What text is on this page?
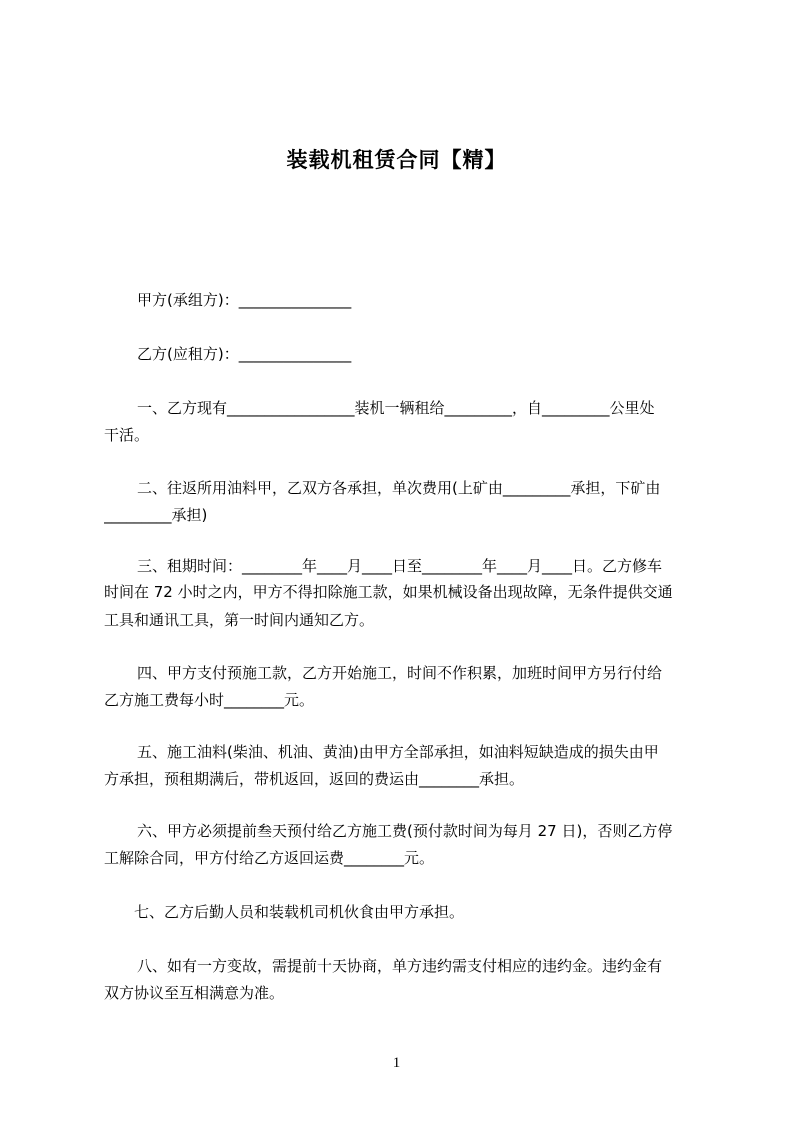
装载机租赁合同【精】
甲方(承组方)：_______________
乙方(应租方)：_______________
一、乙方现有_________________装机一辆租给_________，自_________公里处
干活。
二、往返所用油料甲，乙双方各承担，单次费用(上矿由_________承担，下矿由
_________承担)
三、租期时间：________年____月____日至________年____月____日。乙方修车
时间在 72 小时之内，甲方不得扣除施工款，如果机械设备出现故障，无条件提供交通
工具和通讯工具，第一时间内通知乙方。
四、甲方支付预施工款，乙方开始施工，时间不作积累，加班时间甲方另行付给
乙方施工费每小时________元。
五、施工油料(柴油、机油、黄油)由甲方全部承担，如油料短缺造成的损失由甲
方承担，预租期满后，带机返回，返回的费运由________承担。
六、甲方必须提前叁天预付给乙方施工费(预付款时间为每月 27 日)，否则乙方停
工解除合同，甲方付给乙方返回运费________元。
七、乙方后勤人员和装载机司机伙食由甲方承担。
八、如有一方变故，需提前十天协商，单方违约需支付相应的违约金。违约金有
双方协议至互相满意为准。
1
